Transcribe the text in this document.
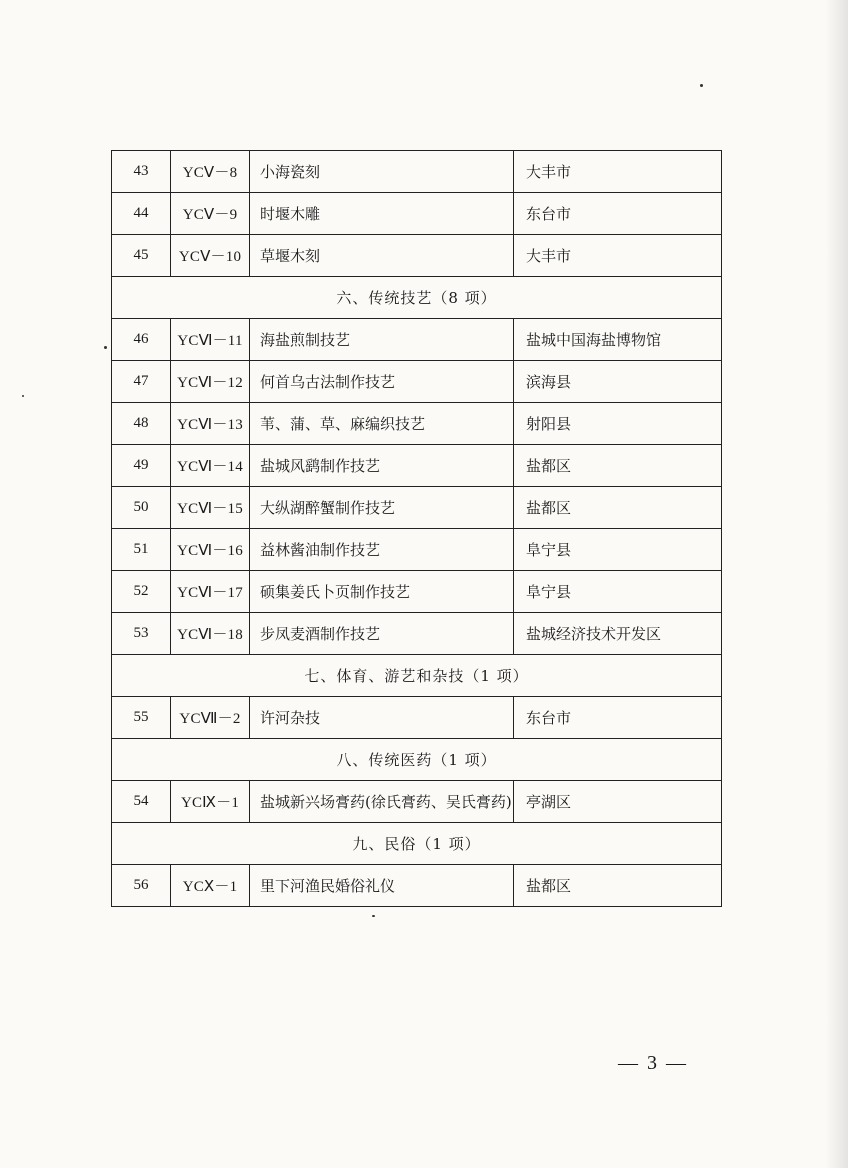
43	YCⅤ－8	小海瓷刻	大丰市
44	YCⅤ－9	时堰木雕	东台市
45	YCⅤ－10	草堰木刻	大丰市
六、传统技艺（8 项）			
46	YCⅥ－11	海盐煎制技艺	盐城中国海盐博物馆
47	YCⅥ－12	何首乌古法制作技艺	滨海县
48	YCⅥ－13	苇、蒲、草、麻编织技艺	射阳县
49	YCⅥ－14	盐城风鹞制作技艺	盐都区
50	YCⅥ－15	大纵湖醉蟹制作技艺	盐都区
51	YCⅥ－16	益林酱油制作技艺	阜宁县
52	YCⅥ－17	硕集姜氏卜页制作技艺	阜宁县
53	YCⅥ－18	步凤麦酒制作技艺	盐城经济技术开发区
七、体育、游艺和杂技（1 项）			
55	YCⅦ－2	许河杂技	东台市
八、传统医药（1 项）			
54	YCⅨ－1	盐城新兴场膏药(徐氏膏药、吴氏膏药)	亭湖区
九、民俗（1 项）			
56	YCⅩ－1	里下河渔民婚俗礼仪	盐都区
— 3 —
